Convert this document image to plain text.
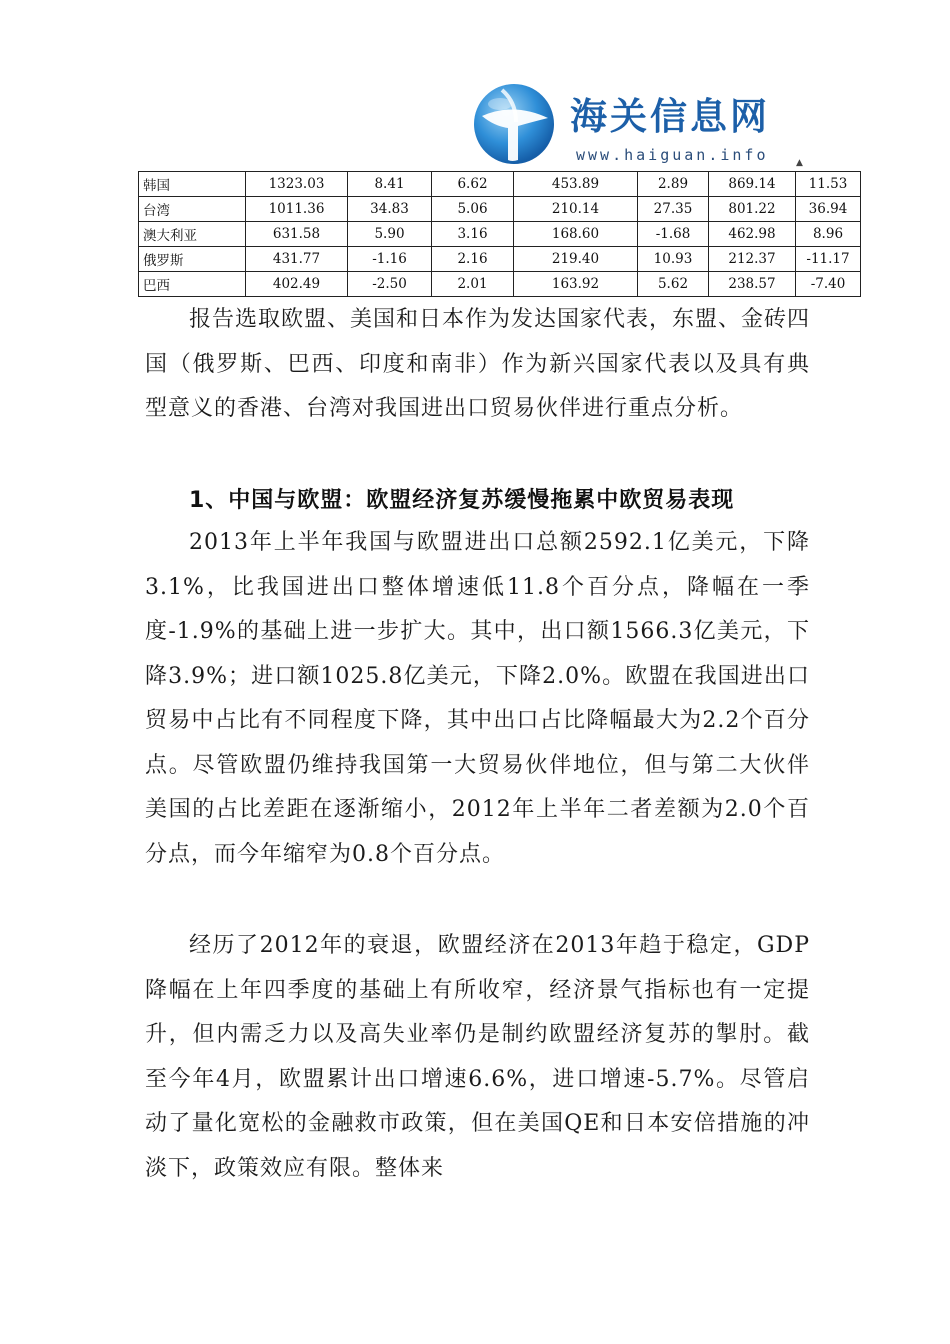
海关信息网
www.haiguan.info	▲
韩国	1323.03	8.41	6.62	453.89	2.89	869.14	11.53
台湾	1011.36	34.83	5.06	210.14	27.35	801.22	36.94
澳大利亚	631.58	5.90	3.16	168.60	-1.68	462.98	8.96
俄罗斯	431.77	-1.16	2.16	219.40	10.93	212.37	-11.17
巴西	402.49	-2.50	2.01	163.92	5.62	238.57	-7.40

报告选取欧盟、美国和日本作为发达国家代表，东盟、金砖四国（俄罗斯、巴西、印度和南非）作为新兴国家代表以及具有典型意义的香港、台湾对我国进出口贸易伙伴进行重点分析。

1、中国与欧盟：欧盟经济复苏缓慢拖累中欧贸易表现

2013年上半年我国与欧盟进出口总额2592.1亿美元，下降3.1%，比我国进出口整体增速低11.8个百分点，降幅在一季度-1.9%的基础上进一步扩大。其中，出口额1566.3亿美元，下降3.9%；进口额1025.8亿美元，下降2.0%。欧盟在我国进出口贸易中占比有不同程度下降，其中出口占比降幅最大为2.2个百分点。尽管欧盟仍维持我国第一大贸易伙伴地位，但与第二大伙伴美国的占比差距在逐渐缩小，2012年上半年二者差额为2.0个百分点，而今年缩窄为0.8个百分点。

经历了2012年的衰退，欧盟经济在2013年趋于稳定，GDP降幅在上年四季度的基础上有所收窄，经济景气指标也有一定提升，但内需乏力以及高失业率仍是制约欧盟经济复苏的掣肘。截至今年4月，欧盟累计出口增速6.6%，进口增速-5.7%。尽管启动了量化宽松的金融救市政策，但在美国QE和日本安倍措施的冲淡下，政策效应有限。整体来
